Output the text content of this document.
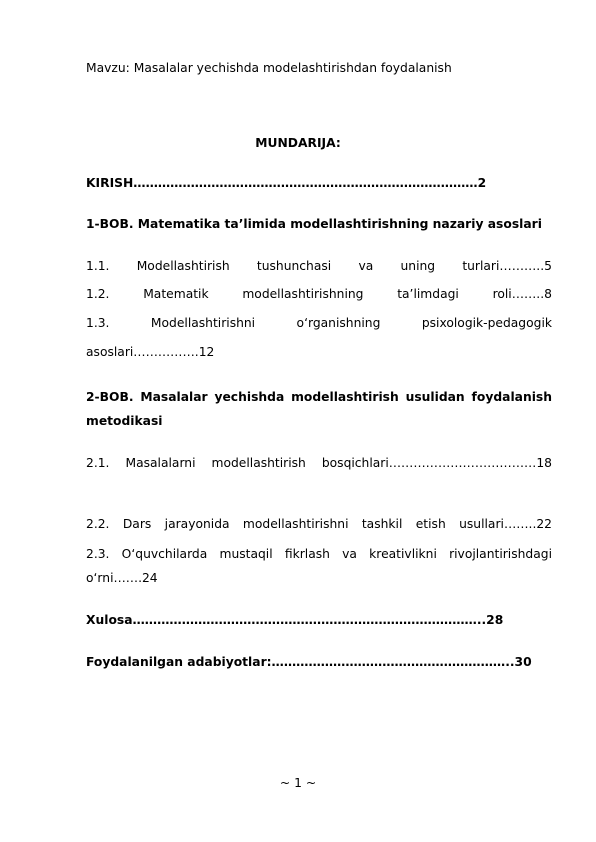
Mavzu: Masalalar yechishda modelashtirishdan foydalanish
MUNDARIJA:
KIRISH…………………………………………………………………………2
1-BOB. Matematika ta’limida modellashtirishning nazariy asoslari
1.1. Modellashtirish tushunchasi va uning turlari………..5
1.2.	Matematik	modellashtirishning	ta’limdagi	roli……..8
1.3.	Modellashtirishni	o‘rganishning	psixologik-pedagogik
asoslari…………….12
2-BOB. Masalalar yechishda modellashtirish usulidan foydalanish metodikasi
2.1. Masalalarni modellashtirish bosqichlari………………………………18
2.2. Dars jarayonida modellashtirishni tashkil etish usullari……..22
2.3. O‘quvchilarda mustaqil fikrlash va kreativlikni rivojlantirishdagi o‘rni…….24
Xulosa…………………………………………………………………………..28
Foydalanilgan adabiyotlar:…………………………………………………..30
~ 1 ~
